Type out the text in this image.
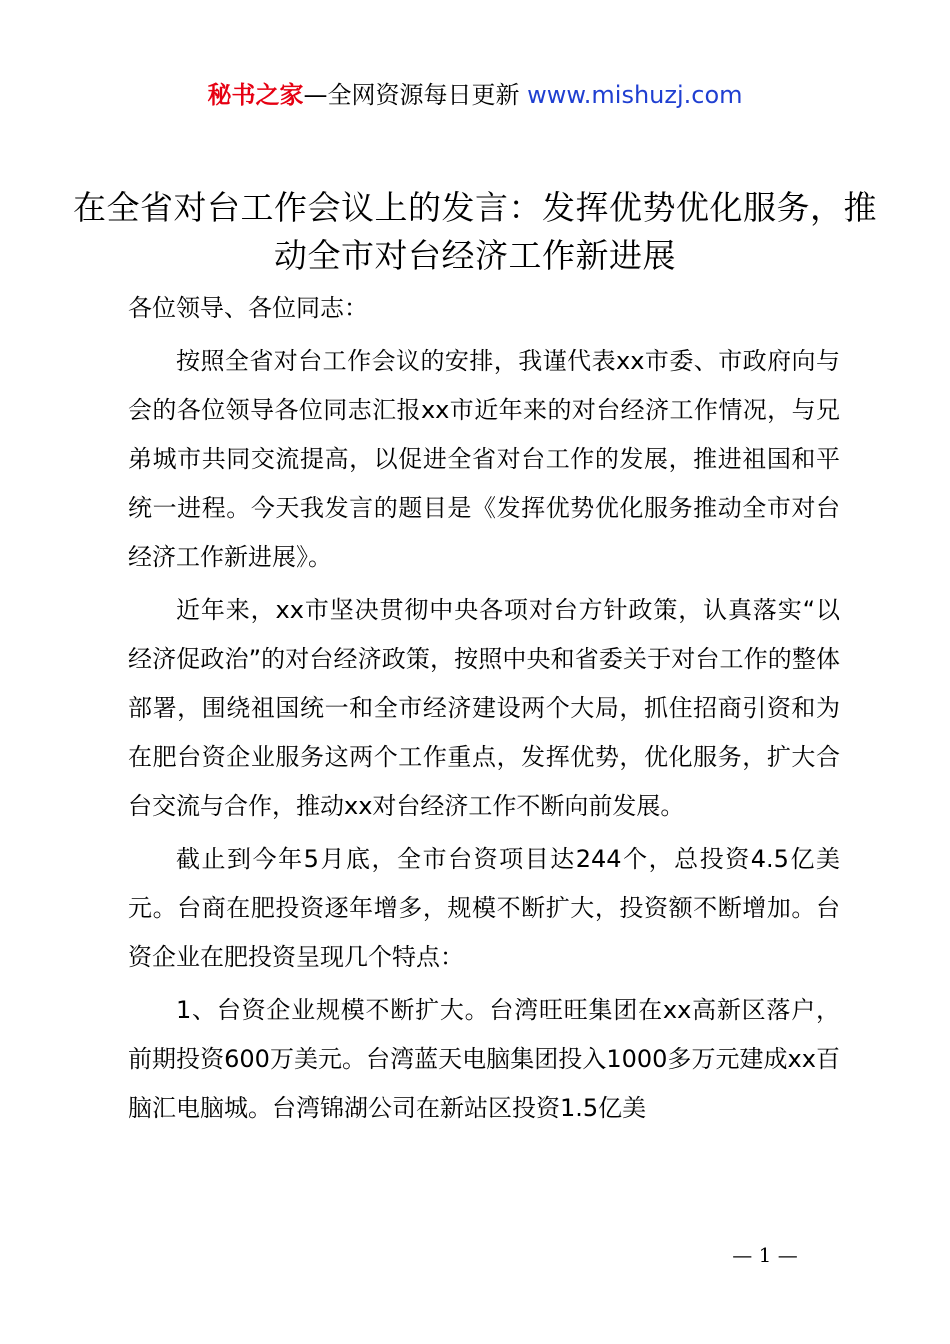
秘书之家—全网资源每日更新 www.mishuzj.com
在全省对台工作会议上的发言：发挥优势优化服务，推动全市对台经济工作新进展

各位领导、各位同志：

按照全省对台工作会议的安排，我谨代表xx市委、市政府向与会的各位领导各位同志汇报xx市近年来的对台经济工作情况，与兄弟城市共同交流提高，以促进全省对台工作的发展，推进祖国和平统一进程。今天我发言的题目是《发挥优势优化服务推动全市对台经济工作新进展》。

近年来，xx市坚决贯彻中央各项对台方针政策，认真落实“以经济促政治”的对台经济政策，按照中央和省委关于对台工作的整体部署，围绕祖国统一和全市经济建设两个大局，抓住招商引资和为在肥台资企业服务这两个工作重点，发挥优势，优化服务，扩大合台交流与合作，推动xx对台经济工作不断向前发展。

截止到今年5月底，全市台资项目达244个，总投资4.5亿美元。台商在肥投资逐年增多，规模不断扩大，投资额不断增加。台资企业在肥投资呈现几个特点：

1、台资企业规模不断扩大。台湾旺旺集团在xx高新区落户，前期投资600万美元。台湾蓝天电脑集团投入1000多万元建成xx百脑汇电脑城。台湾锦湖公司在新站区投资1.5亿美

— 1 —
